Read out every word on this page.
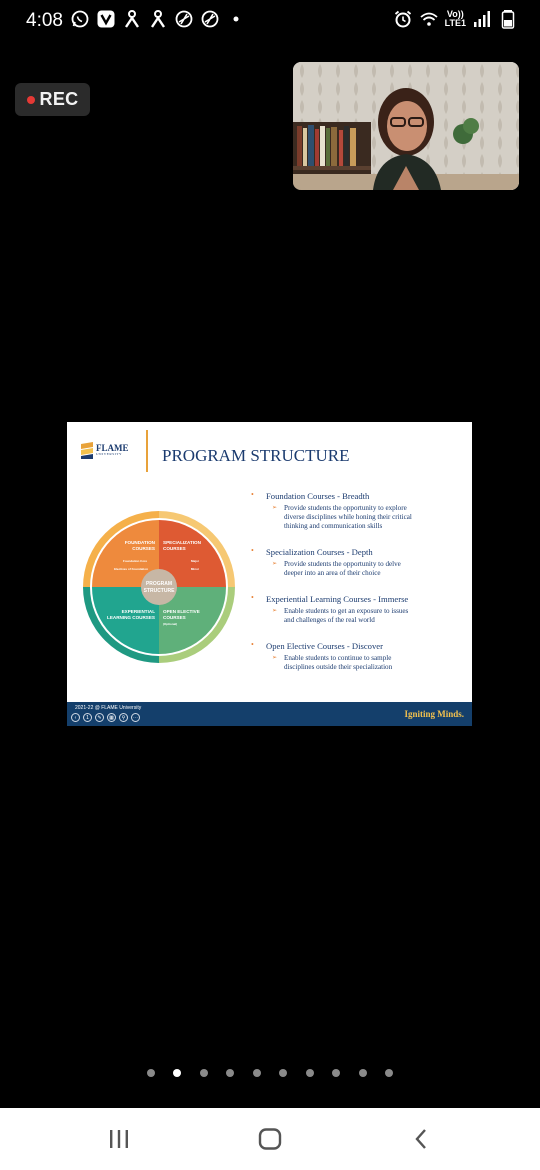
4:08	Vo))
LTE1
REC
FLAME
UNIVERSITY	PROGRAM STRUCTURE
PROGRAM
STRUCTURE
FOUNDATION
COURSES
Foundation Core
Electives of Foundation
SPECIALIZATION
COURSES
Major
Minor
EXPERIENTIAL
LEARNING COURSES
OPEN ELECTIVE
COURSES
(Optional)
• Foundation Courses - Breadth
➢ Provide students the opportunity to explore
diverse disciplines while honing their critical
thinking and communication skills
• Specialization Courses - Depth
➢ Provide students the opportunity to delve
deeper into an area of their choice
• Experiential Learning Courses - Immerse
➢ Enable students to get an exposure to issues
and challenges of the real world
• Open Elective Courses - Discover
➢ Enable students to continue to sample
disciplines outside their specialization
2021-22 @ FLAME University
‹	1	✎	▦	⚲	⋯	Igniting Minds.
